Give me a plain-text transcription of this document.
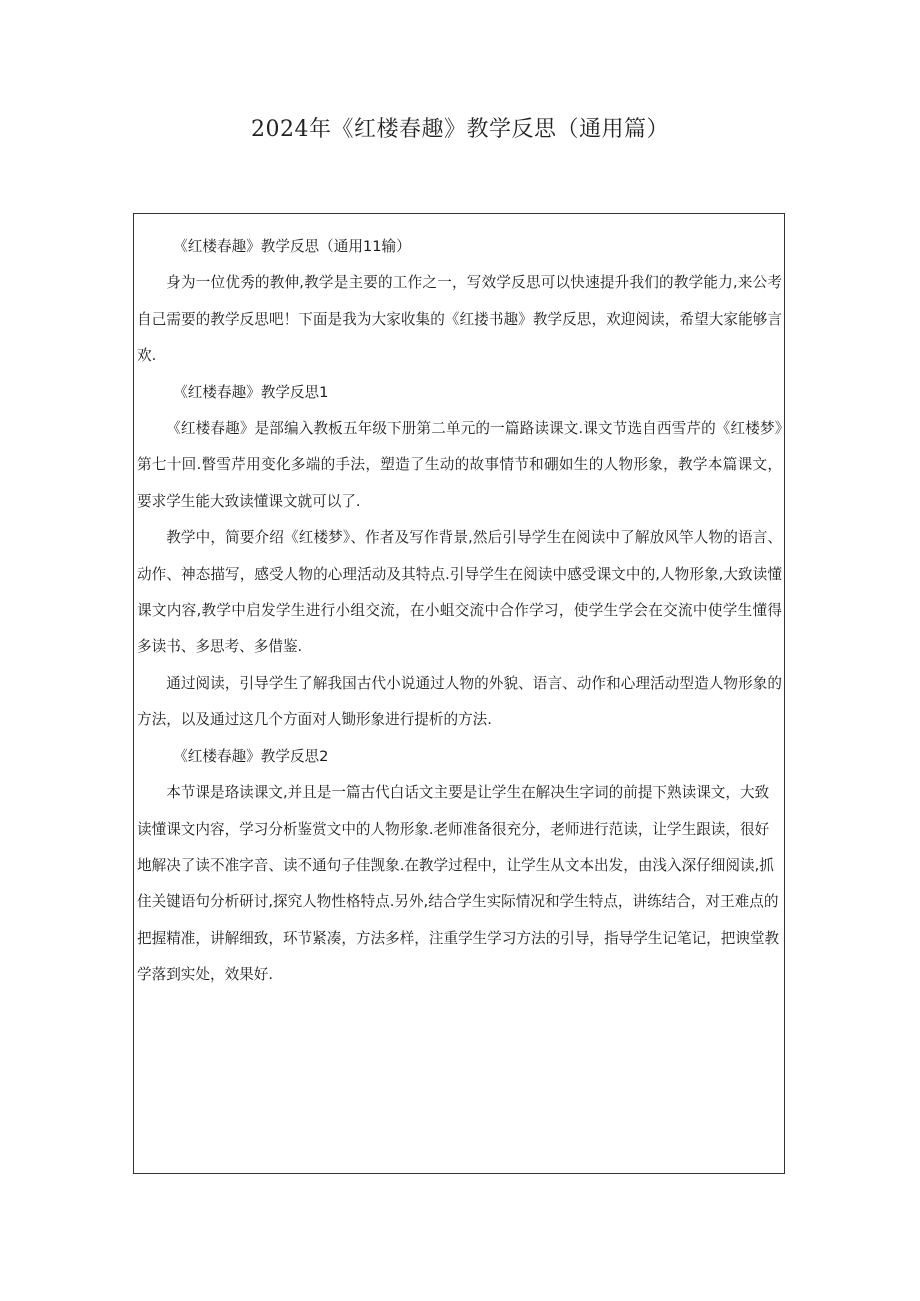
2024年《红楼春趣》教学反思（通用篇）

《红楼春趣》教学反思（通用11输）

身为一位优秀的教伸,教学是主要的工作之一，写效学反思可以快速提升我们的教学能力,来公考自己需要的教学反思吧！下面是我为大家收集的《红搂书趣》教学反思，欢迎阅读，希望大家能够言欢.

《红楼春趣》教学反思1

《红楼春趣》是部编入教板五年级下册第二单元的一篇路读课文.课文节选自西雪芹的《红楼梦》第七十回.瞥雪芹用变化多端的手法，塑造了生动的故事情节和硼如生的人物形象，教学本篇课文，要求学生能大致读懂课文就可以了.

教学中，简要介绍《红楼梦》、作者及写作背景,然后引导学生在阅读中了解放风竿人物的语言、动作、神态描写，感受人物的心理活动及其特点.引导学生在阅读中感受课文中的,人物形象,大致读懂课文内容,教学中启发学生进行小组交流，在小蛆交流中合作学习，使学生学会在交流中使学生懂得多读书、多思考、多借鉴.

通过阅读，引导学生了解我国古代小说通过人物的外貌、语言、动作和心理活动型造人物形象的方法，以及通过这几个方面对人锄形象进行提析的方法.

《红楼春趣》教学反思2

本节课是珞读课文,并且是一篇古代白话文主要是让学生在解决生字词的前提下熟读课文，大致读懂课文内容，学习分析鉴赏文中的人物形象.老师准备很充分，老师进行范读，让学生跟读，很好地解决了读不准字音、读不通句子佳觊象.在教学过程中，让学生从文本出发，由浅入深仔细阅读,抓住关键语句分析研讨,探究人物性格特点.另外,结合学生实际情况和学生特点，讲练结合，对王难点的把握精准，讲解细致，环节紧凑，方法多样，注重学生学习方法的引导，指导学生记笔记，把谀堂教学落到实处，效果好.
